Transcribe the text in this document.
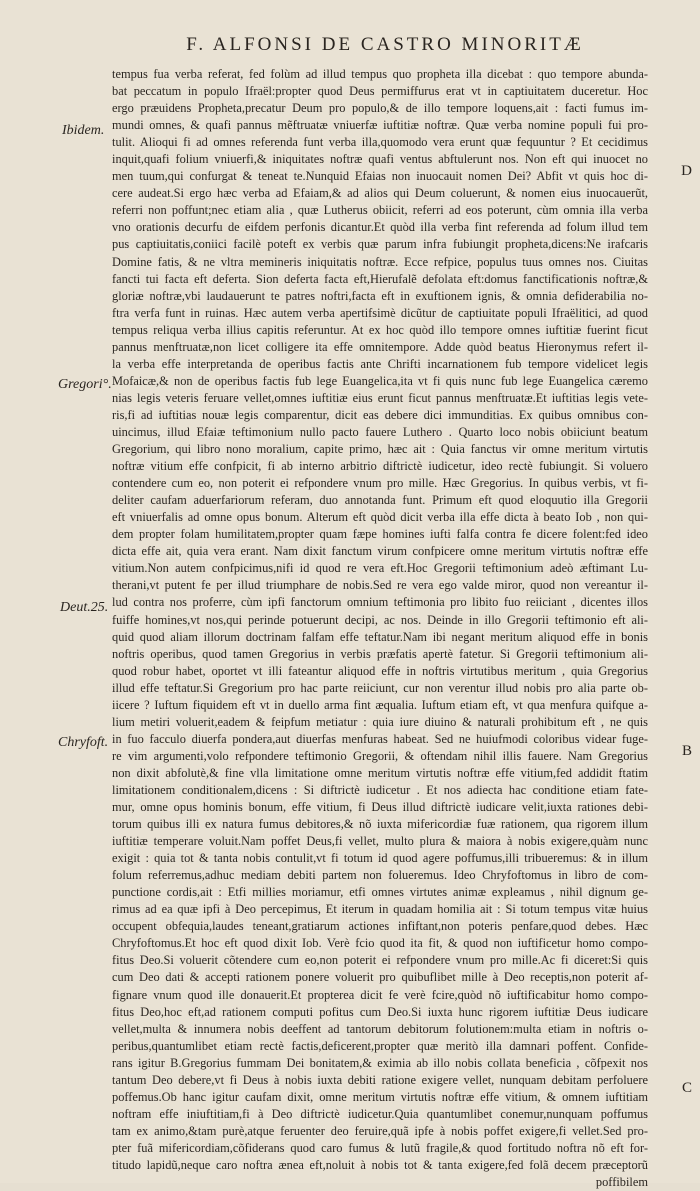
F. ALFONSI DE CASTRO MINORITÆ
Ibidem.
Gregori°.
Deut.25.
Chryfoft.
D
B
C
tempus fua verba referat, fed folùm ad illud tempus quo propheta illa dicebat : quo tempore abunda-
bat peccatum in populo Ifraël:propter quod Deus permiffurus erat vt in captiuitatem duceretur. Hoc
ergo præuidens Propheta,precatur Deum pro populo,& de illo tempore loquens,ait : facti fumus im-
mundi omnes, & quafi pannus mẽftruatæ vniuerfæ iuftitiæ noftræ. Quæ verba nomine populi fui pro-
tulit. Alioqui fi ad omnes referenda funt verba illa,quomodo vera erunt quæ fequuntur ? Et cecidimus
inquit,quafi folium vniuerfi,& iniquitates noftræ quafi ventus abftulerunt nos. Non eft qui inuocet no
men tuum,qui confurgat & teneat te.Nunquid Efaias non inuocauit nomen Dei? Abfit vt quis hoc di-
cere audeat.Si ergo hæc verba ad Efaiam,& ad alios qui Deum coluerunt, & nomen eius inuocauerũt,
referri non poffunt;nec etiam alia , quæ Lutherus obiicit, referri ad eos poterunt, cùm omnia illa verba
vno orationis decurfu de eifdem perfonis dicantur.Et quòd illa verba fint referenda ad folum illud tem
pus captiuitatis,coniici facilè poteft ex verbis quæ parum infra fubiungit propheta,dicens:Ne irafcaris
Domine fatis, & ne vltra memineris iniquitatis noftræ. Ecce refpice, populus tuus omnes nos. Ciuitas
fancti tui facta eft deferta. Sion deferta facta eft,Hierufalẽ defolata eft:domus fanctificationis noftræ,&
gloriæ noftræ,vbi laudauerunt te patres noftri,facta eft in exuftionem ignis, & omnia defiderabilia no-
ftra verfa funt in ruinas. Hæc autem verba apertifsimè dicũtur de captiuitate populi Ifraëlitici, ad quod
tempus reliqua verba illius capitis referuntur. At ex hoc quòd illo tempore omnes iuftitiæ fuerint ficut
pannus menftruatæ,non licet colligere ita effe omnitempore. Adde quòd beatus Hieronymus refert il-
la verba effe interpretanda de operibus factis ante Chrifti incarnationem fub tempore videlicet legis
Mofaicæ,& non de operibus factis fub lege Euangelica,ita vt fi quis nunc fub lege Euangelica cæremo
nias legis veteris feruare vellet,omnes iuftitiæ eius erunt ficut pannus menftruatæ.Et iuftitias legis vete-
ris,fi ad iuftitias nouæ legis comparentur, dicit eas debere dici immunditias. Ex quibus omnibus con-
uincimus, illud Efaiæ teftimonium nullo pacto fauere Luthero . Quarto loco nobis obiiciunt beatum
Gregorium, qui libro nono moralium, capite primo, hæc ait : Quia fanctus vir omne meritum virtutis
noftræ vitium effe confpicit, fi ab interno arbitrio diftrictè iudicetur, ideo rectè fubiungit. Si voluero
contendere cum eo, non poterit ei refpondere vnum pro mille. Hæc Gregorius. In quibus verbis, vt fi-
deliter caufam aduerfariorum referam, duo annotanda funt. Primum eft quod eloquutio illa Gregorii
eft vniuerfalis ad omne opus bonum. Alterum eft quòd dicit verba illa effe dicta à beato Iob , non qui-
dem propter folam humilitatem,propter quam fæpe homines iufti falfa contra fe dicere folent:fed ideo
dicta effe ait, quia vera erant. Nam dixit fanctum virum confpicere omne meritum virtutis noftræ effe
vitium.Non autem confpicimus,nifi id quod re vera eft.Hoc Gregorii teftimonium adeò æftimant Lu-
therani,vt putent fe per illud triumphare de nobis.Sed re vera ego valde miror, quod non vereantur il-
lud contra nos proferre, cùm ipfi fanctorum omnium teftimonia pro libito fuo reiiciant , dicentes illos
fuiffe homines,vt nos,qui perinde potuerunt decipi, ac nos. Deinde in illo Gregorii teftimonio eft ali-
quid quod aliam illorum doctrinam falfam effe teftatur.Nam ibi negant meritum aliquod effe in bonis
noftris operibus, quod tamen Gregorius in verbis præfatis apertè fatetur. Si Gregorii teftimonium ali-
quod robur habet, oportet vt illi fateantur aliquod effe in noftris virtutibus meritum , quia Gregorius
illud effe teftatur.Si Gregorium pro hac parte reiiciunt, cur non verentur illud nobis pro alia parte ob-
iicere ? Iuftum fiquidem eft vt in duello arma fint æqualia. Iuftum etiam eft, vt qua menfura quifque a-
lium metiri voluerit,eadem & feipfum metiatur : quia iure diuino & naturali prohibitum eft , ne quis
in fuo facculo diuerfa pondera,aut diuerfas menfuras habeat. Sed ne huiufmodi coloribus videar fuge-
re vim argumenti,volo refpondere teftimonio Gregorii, & oftendam nihil illis fauere. Nam Gregorius
non dixit abfolutè,& fine vlla limitatione omne meritum virtutis noftræ effe vitium,fed addidit ftatim
limitationem conditionalem,dicens : Si diftrictè iudicetur . Et nos adiecta hac conditione etiam fate-
mur, omne opus hominis bonum, effe vitium, fi Deus illud diftrictè iudicare velit,iuxta rationes debi-
torum quibus illi ex natura fumus debitores,& nõ iuxta mifericordiæ fuæ rationem, qua rigorem illum
iuftitiæ temperare voluit.Nam poffet Deus,fi vellet, multo plura & maiora à nobis exigere,quàm nunc
exigit : quia tot & tanta nobis contulit,vt fi totum id quod agere poffumus,illi tribueremus: & in illum
folum referremus,adhuc mediam debiti partem non folueremus. Ideo Chryfoftomus in libro de com-
punctione cordis,ait : Etfi millies moriamur, etfi omnes virtutes animæ expleamus , nihil dignum ge-
rimus ad ea quæ ipfi à Deo percepimus, Et iterum in quadam homilia ait : Si totum tempus vitæ huius
occupent obfequia,laudes teneant,gratiarum actiones infiftant,non poteris penfare,quod debes. Hæc
Chryfoftomus.Et hoc eft quod dixit Iob. Verè fcio quod ita fit, & quod non iuftificetur homo compo-
fitus Deo.Si voluerit cõtendere cum eo,non poterit ei refpondere vnum pro mille.Ac fi diceret:Si quis
cum Deo dati & accepti rationem ponere voluerit pro quibuflibet mille à Deo receptis,non poterit af-
fignare vnum quod ille donauerit.Et propterea dicit fe verè fcire,quòd nõ iuftificabitur homo compo-
fitus Deo,hoc eft,ad rationem computi pofitus cum Deo.Si iuxta hunc rigorem iuftitiæ Deus iudicare
vellet,multa & innumera nobis deeffent ad tantorum debitorum folutionem:multa etiam in noftris o-
peribus,quantumlibet etiam rectè factis,deficerent,propter quæ meritò illa damnari poffent. Confide-
rans igitur B.Gregorius fummam Dei bonitatem,& eximia ab illo nobis collata beneficia , cõfpexit nos
tantum Deo debere,vt fi Deus à nobis iuxta debiti ratione exigere vellet, nunquam debitam perfoluere
poffemus.Ob hanc igitur caufam dixit, omne meritum virtutis noftræ effe vitium, & omnem iuftitiam
noftram effe iniuftitiam,fi à Deo diftrictè iudicetur.Quia quantumlibet conemur,nunquam poffumus
tam ex animo,&tam purè,atque feruenter deo feruire,quã ipfe à nobis poffet exigere,fi vellet.Sed pro-
pter fuã mifericordiam,cõfiderans quod caro fumus & lutũ fragile,& quod fortitudo noftra nõ eft for-
titudo lapidũ,neque caro noftra ænea eft,noluit à nobis tot & tanta exigere,fed folã decem præceptorũ
poffibilem
